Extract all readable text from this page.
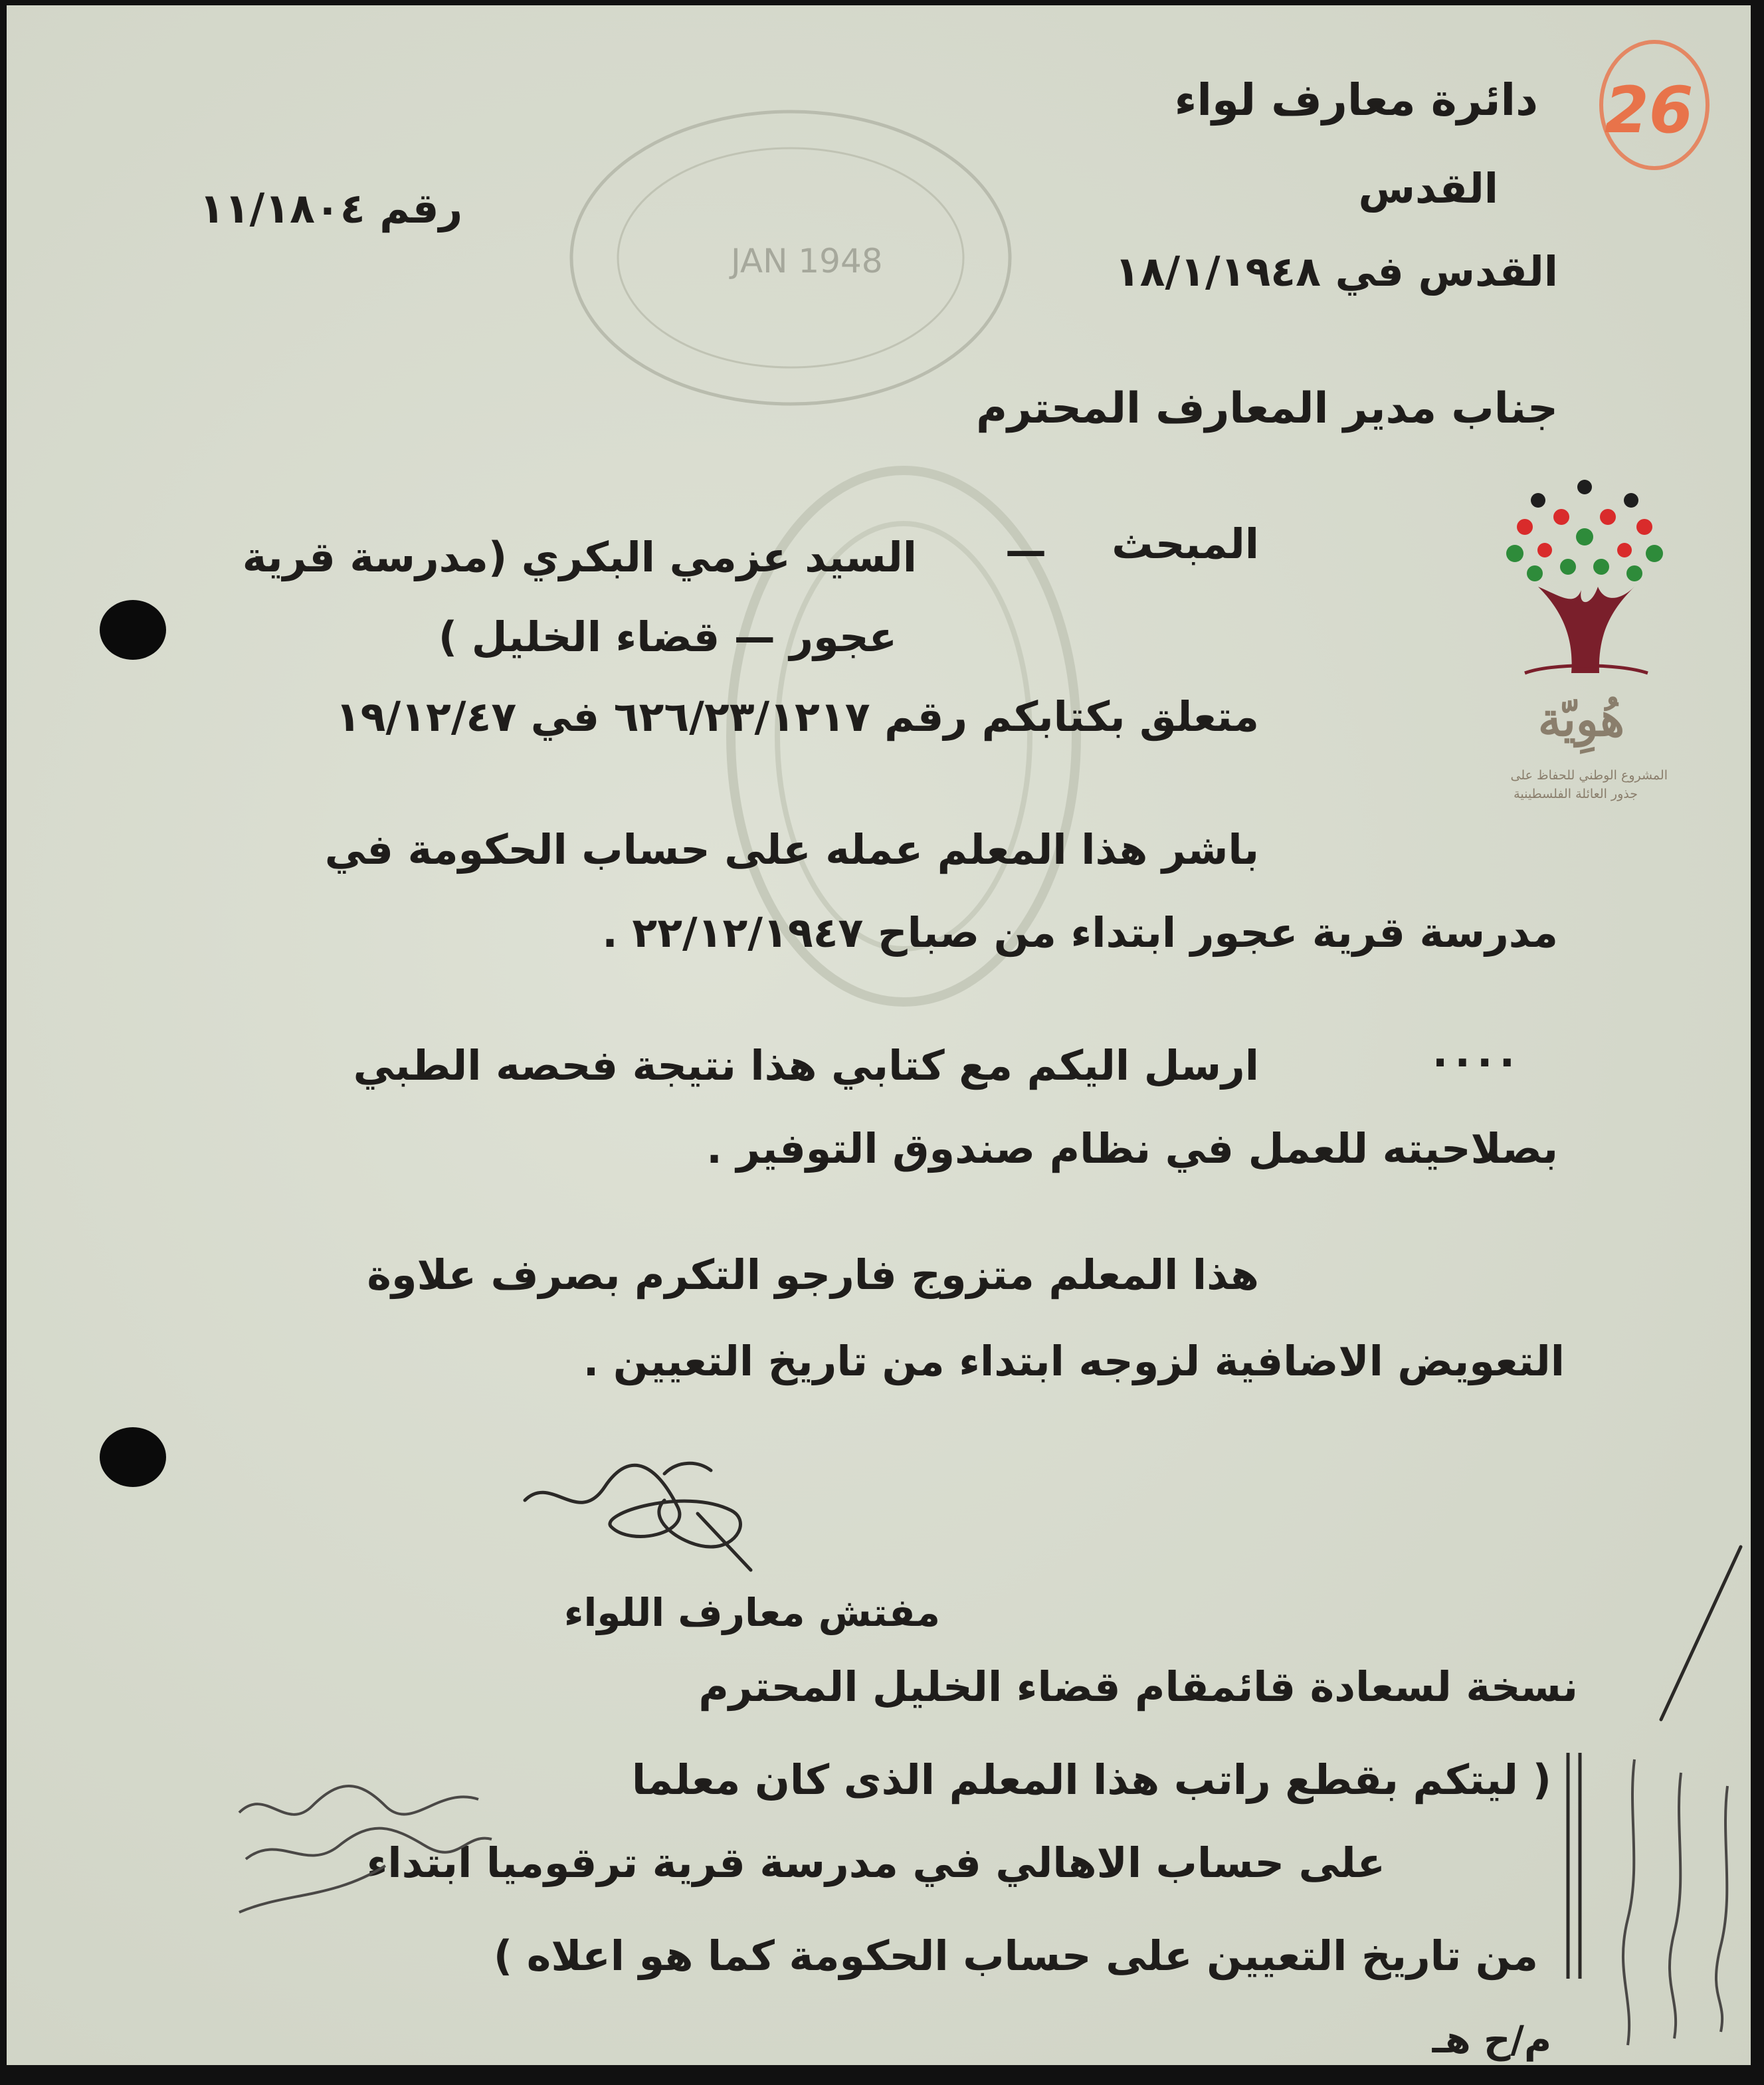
JAN 1948
26
دائرة معارف لواء
القدس
القدس في ١٨/١/١٩٤٨
رقم ١١/١٨٠٤
جناب مدير المعارف المحترم
المبحث
—
السيد عزمي البكري (مدرسة قرية
عجور — قضاء الخليل )
متعلق بكتابكم رقم ٦٢٦/٢٣/١٢١٧ في ١٩/١٢/٤٧
باشر هذا المعلم عمله على حساب الحكومة في
مدرسة قرية عجور ابتداء من صباح ٢٢/١٢/١٩٤٧ .
....
ارسل اليكم مع كتابي هذا نتيجة فحصه الطبي
بصلاحيته للعمل في نظام صندوق التوفير .
هذا المعلم متزوج فارجو التكرم بصرف علاوة
التعويض الاضافية لزوجه ابتداء من تاريخ التعيين .
مفتش معارف اللواء
نسخة لسعادة قائمقام قضاء الخليل المحترم
( ليتكم بقطع راتب هذا المعلم الذى كان معلما
على حساب الاهالي في مدرسة قرية ترقوميا ابتداء
من تاريخ التعيين على حساب الحكومة كما هو اعلاه )
م/ح هـ
هُوِيّة
المشروع الوطني للحفاظ على
جذور العائلة الفلسطينية
